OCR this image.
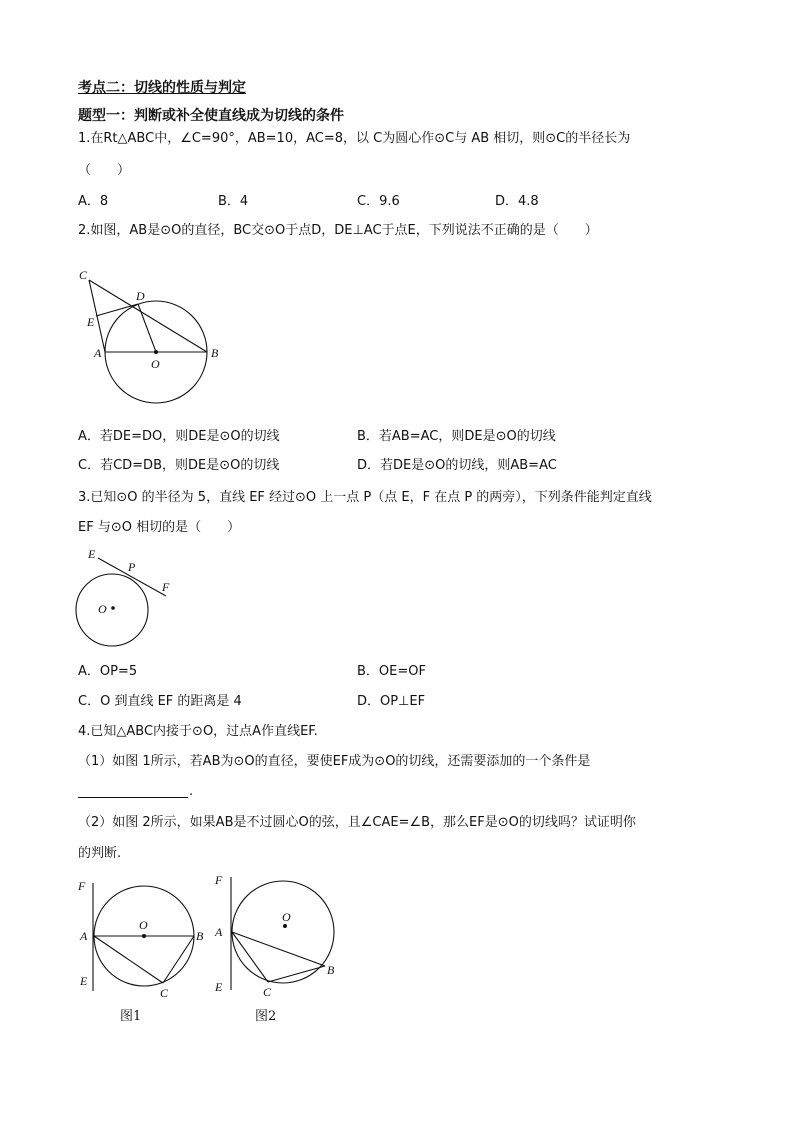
考点二：切线的性质与判定
题型一：判断或补全使直线成为切线的条件
1.在Rt△ABC中，∠C=90°，AB=10，AC=8，以 C为圆心作⊙C与 AB 相切，则⊙C的半径长为
（　　）
A．8	B．4	C．9.6	D．4.8
2.如图，AB是⊙O的直径，BC交⊙O于点D，DE⊥AC于点E，下列说法不正确的是（　　）
C
D
E
A
O
B
A．若DE=DO，则DE是⊙O的切线	B．若AB=AC，则DE是⊙O的切线
C．若CD=DB，则DE是⊙O的切线	D．若DE是⊙O的切线，则AB=AC
3.已知⊙O 的半径为 5，直线 EF 经过⊙O 上一点 P（点 E，F 在点 P 的两旁），下列条件能判定直线
EF 与⊙O 相切的是（　　）
E
P
F
O
A．OP=5	B．OE=OF
C．O 到直线 EF 的距离是 4	D．OP⊥EF
4.已知△ABC内接于⊙O，过点A作直线EF.
（1）如图 1所示，若AB为⊙O的直径，要使EF成为⊙O的切线，还需要添加的一个条件是
.
（2）如图 2所示，如果AB是不过圆心O的弦，且∠CAE=∠B，那么EF是⊙O的切线吗？试证明你
的判断.
F
A
E
O
B
C
图1
F
A
E
O
B
C
图2
